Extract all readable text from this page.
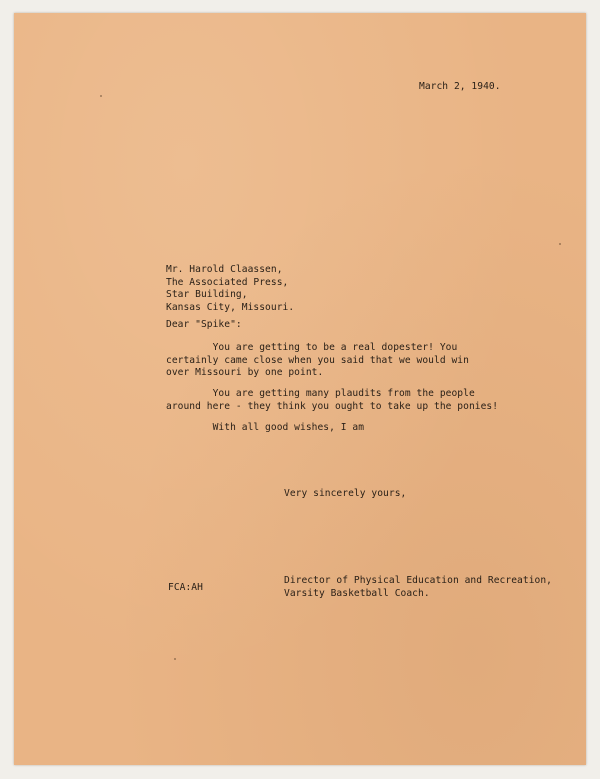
March 2, 1940.

Mr. Harold Claassen,
The Associated Press,
Star Building,
Kansas City, Missouri.

Dear "Spike":

You are getting to be a real dopester! You
certainly came close when you said that we would win
over Missouri by one point.
You are getting many plaudits from the people
around here - they think you ought to take up the ponies!
With all good wishes, I am

Very sincerely yours,

FCA:AH

Director of Physical Education and Recreation,
Varsity Basketball Coach.
